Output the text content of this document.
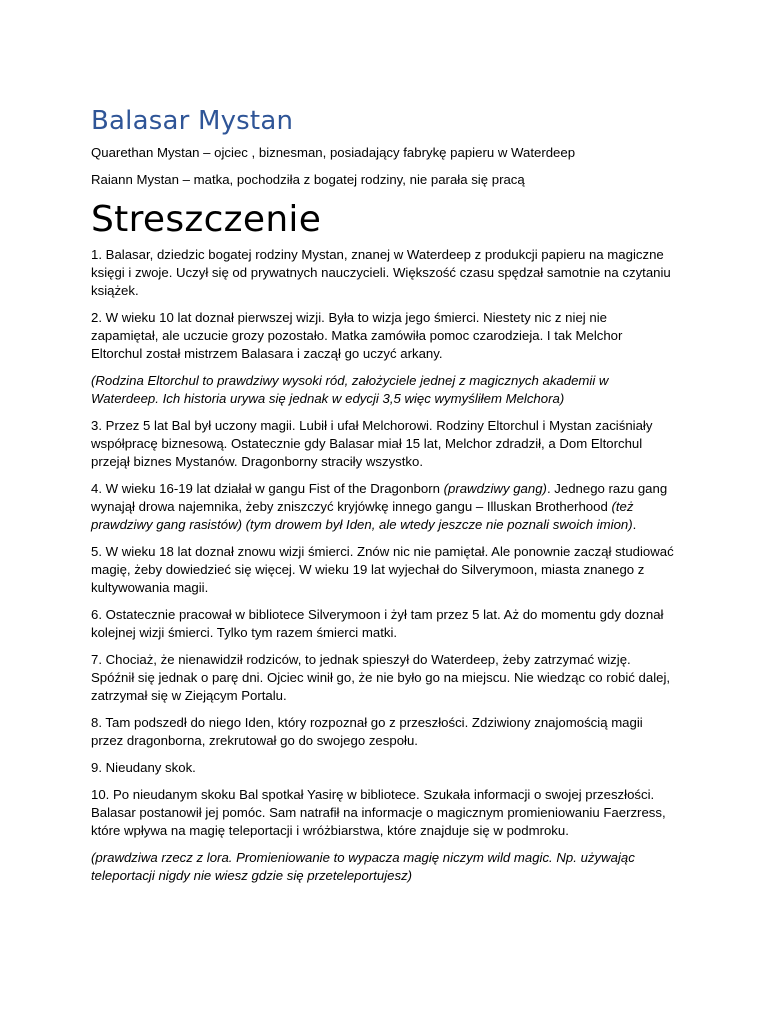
Balasar Mystan

Quarethan Mystan – ojciec , biznesman, posiadający fabrykę papieru w Waterdeep

Raiann Mystan – matka, pochodziła z bogatej rodziny, nie parała się pracą

Streszczenie

1. Balasar, dziedzic bogatej rodziny Mystan, znanej w Waterdeep z produkcji papieru na magiczne księgi i zwoje. Uczył się od prywatnych nauczycieli. Większość czasu spędzał samotnie na czytaniu książek.

2. W wieku 10 lat doznał pierwszej wizji. Była to wizja jego śmierci. Niestety nic z niej nie zapamiętał, ale uczucie grozy pozostało. Matka zamówiła pomoc czarodzieja. I tak Melchor Eltorchul został mistrzem Balasara i zaczął go uczyć arkany.

(Rodzina Eltorchul to prawdziwy wysoki ród, założyciele jednej z magicznych akademii w Waterdeep. Ich historia urywa się jednak w edycji 3,5 więc wymyśliłem Melchora)

3. Przez 5 lat Bal był uczony magii. Lubił i ufał Melchorowi. Rodziny Eltorchul i Mystan zaciśniały współpracę biznesową. Ostatecznie gdy Balasar miał 15 lat, Melchor zdradził, a Dom Eltorchul przejął biznes Mystanów. Dragonborny straciły wszystko.

4. W wieku 16-19 lat działał w gangu Fist of the Dragonborn (prawdziwy gang). Jednego razu gang wynajął drowa najemnika, żeby zniszczyć kryjówkę innego gangu – Illuskan Brotherhood (też prawdziwy gang rasistów) (tym drowem był Iden, ale wtedy jeszcze nie poznali swoich imion).

5. W wieku 18 lat doznał znowu wizji śmierci. Znów nic nie pamiętał. Ale ponownie zaczął studiować magię, żeby dowiedzieć się więcej. W wieku 19 lat wyjechał do Silverymoon, miasta znanego z kultywowania magii.

6. Ostatecznie pracował w bibliotece Silverymoon i żył tam przez 5 lat. Aż do momentu gdy doznał kolejnej wizji śmierci. Tylko tym razem śmierci matki.

7. Chociaż, że nienawidził rodziców, to jednak spieszył do Waterdeep, żeby zatrzymać wizję. Spóźnił się jednak o parę dni. Ojciec winił go, że nie było go na miejscu. Nie wiedząc co robić dalej, zatrzymał się w Ziejącym Portalu.

8. Tam podszedł do niego Iden, który rozpoznał go z przeszłości. Zdziwiony znajomością magii przez dragonborna, zrekrutował go do swojego zespołu.

9. Nieudany skok.

10. Po nieudanym skoku Bal spotkał Yasirę w bibliotece. Szukała informacji o swojej przeszłości. Balasar postanowił jej pomóc. Sam natrafił na informacje o magicznym promieniowaniu Faerzress, które wpływa na magię teleportacji i wróżbiarstwa, które znajduje się w podmroku.

(prawdziwa rzecz z lora. Promieniowanie to wypacza magię niczym wild magic. Np. używając teleportacji nigdy nie wiesz gdzie się przeteleportujesz)
